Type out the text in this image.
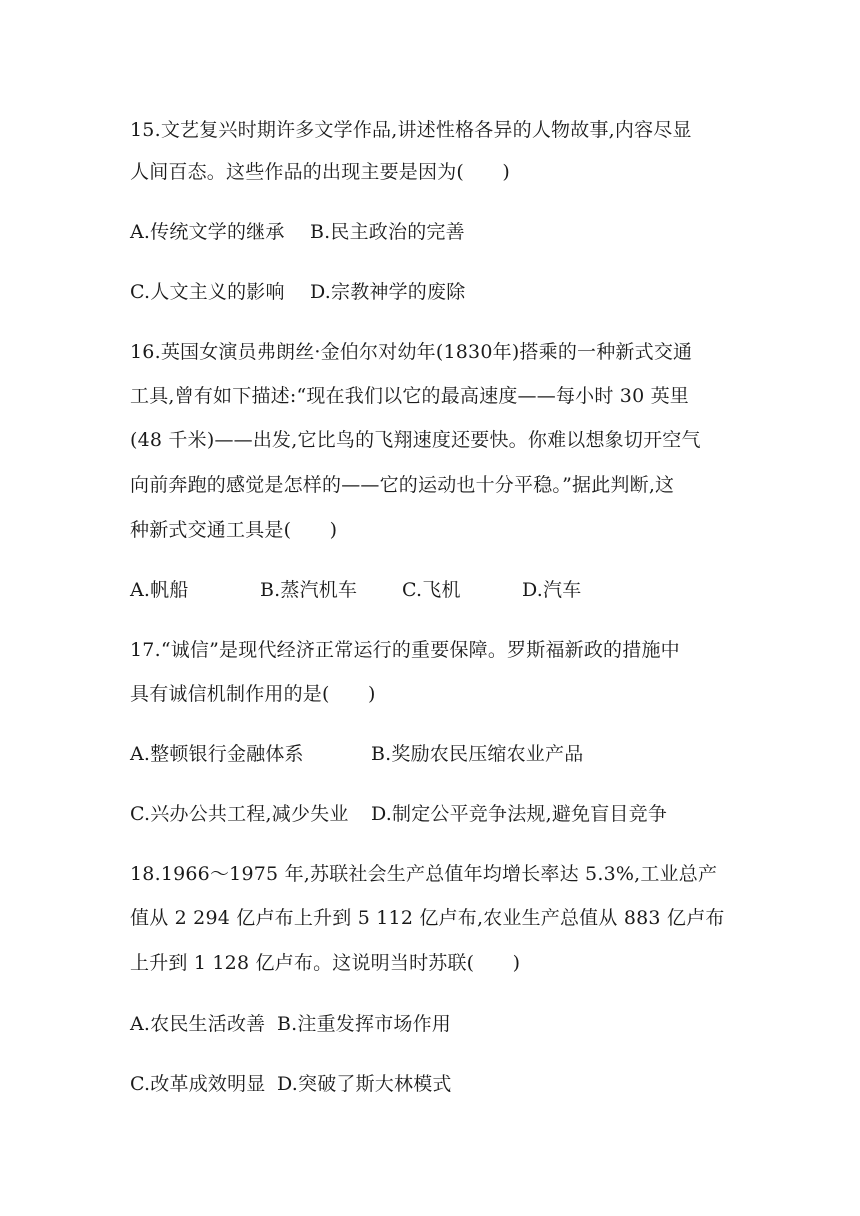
15.文艺复兴时期许多文学作品,讲述性格各异的人物故事,内容尽显
人间百态。这些作品的出现主要是因为(　　)
A.传统文学的继承 B.民主政治的完善
C.人文主义的影响 D.宗教神学的废除
16.英国女演员弗朗丝·金伯尔对幼年(1830年)搭乘的一种新式交通
工具,曾有如下描述:“现在我们以它的最高速度——每小时 30 英里
(48 千米)——出发,它比鸟的飞翔速度还要快。你难以想象切开空气
向前奔跑的感觉是怎样的——它的运动也十分平稳。”据此判断,这
种新式交通工具是(　　)
A.帆船	B.蒸汽机车 C.飞机	D.汽车
17.“诚信”是现代经济正常运行的重要保障。罗斯福新政的措施中
具有诚信机制作用的是(　　)
A.整顿银行金融体系	B.奖励农民压缩农业产品
C.兴办公共工程,减少失业 D.制定公平竞争法规,避免盲目竞争
18.1966～1975 年,苏联社会生产总值年均增长率达 5.3%,工业总产
值从 2 294 亿卢布上升到 5 112 亿卢布,农业生产总值从 883 亿卢布
上升到 1 128 亿卢布。这说明当时苏联(　　)
A.农民生活改善 B.注重发挥市场作用
C.改革成效明显 D.突破了斯大林模式
